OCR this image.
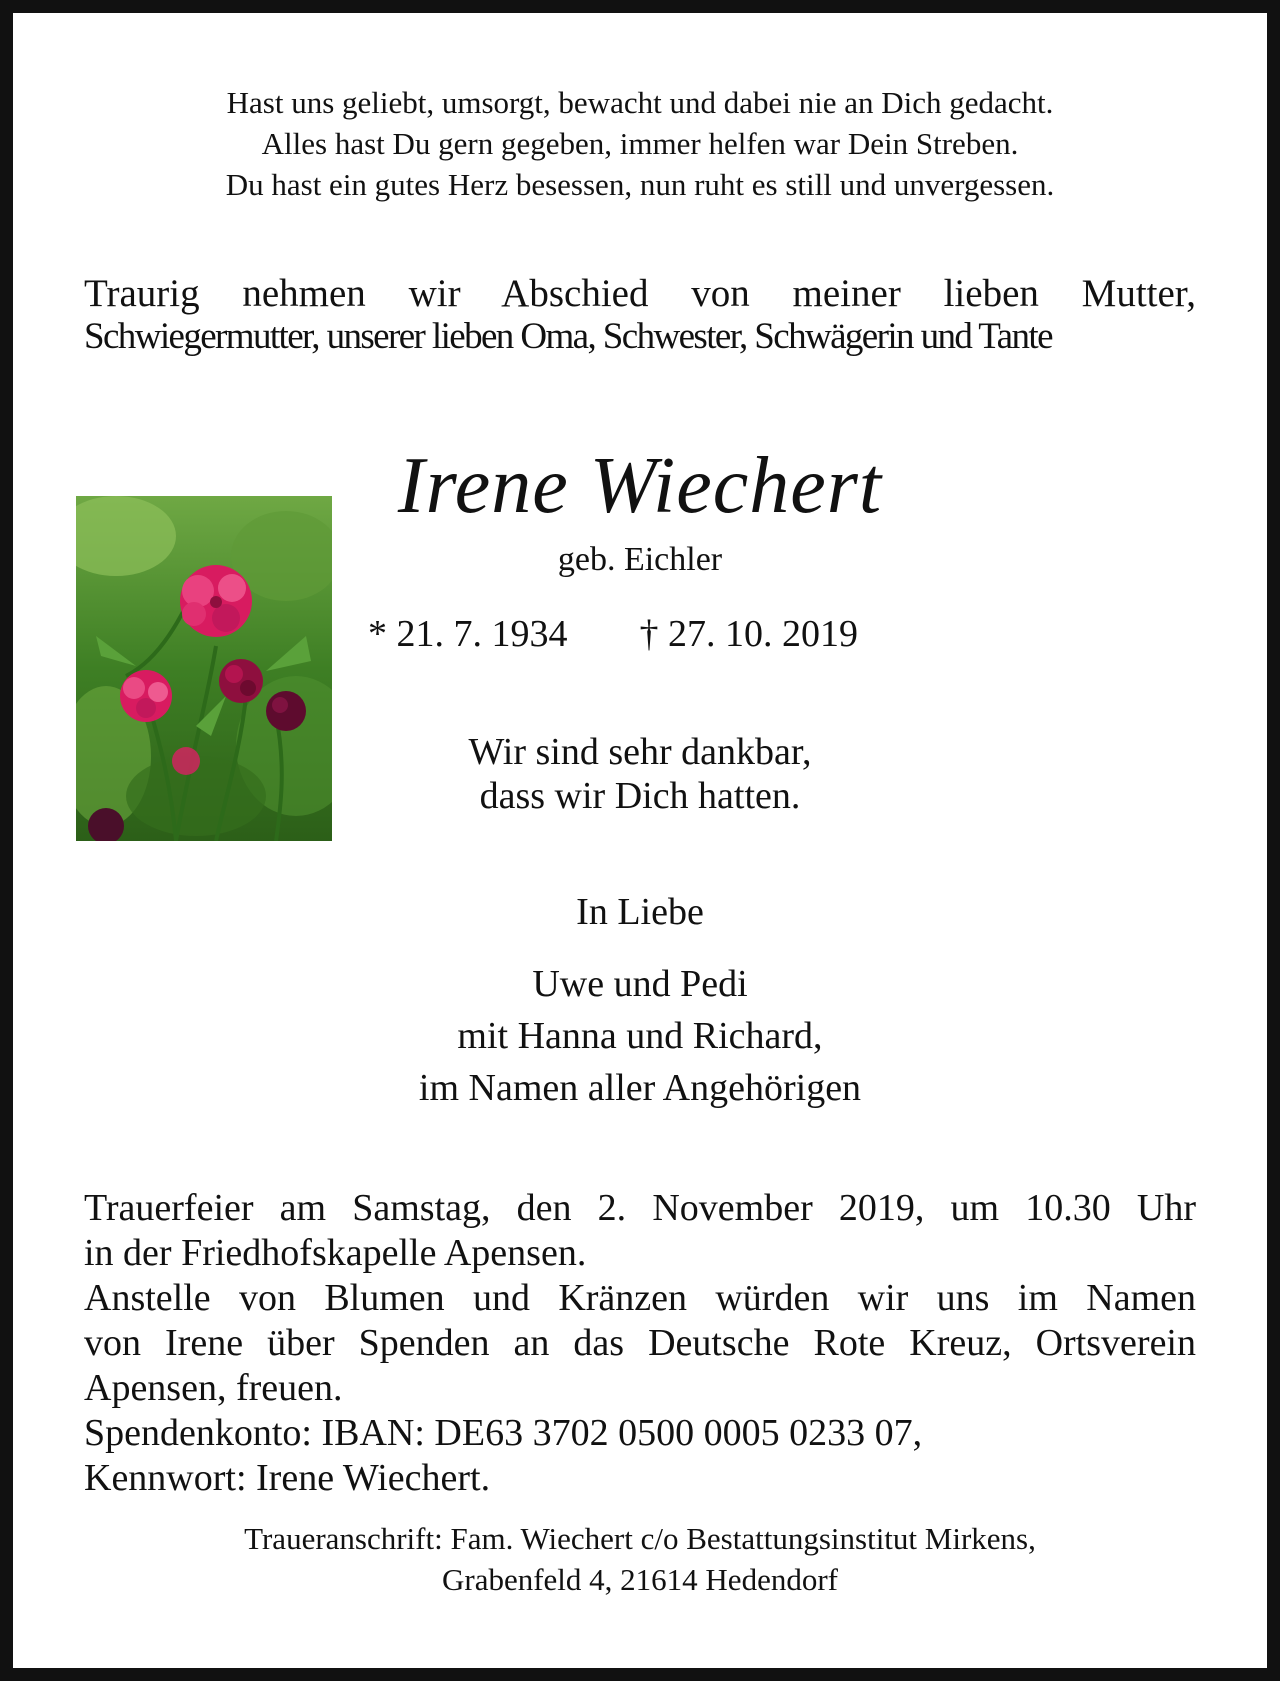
Hast uns geliebt, umsorgt, bewacht und dabei nie an Dich gedacht.
Alles hast Du gern gegeben, immer helfen war Dein Streben.
Du hast ein gutes Herz besessen, nun ruht es still und unvergessen.
Traurig nehmen wir Abschied von meiner lieben Mutter,
Schwiegermutter, unserer lieben Oma, Schwester, Schwägerin und Tante
Irene Wiechert
geb. Eichler
* 21. 7. 1934 † 27. 10. 2019
Wir sind sehr dankbar,
dass wir Dich hatten.
In Liebe
Uwe und Pedi
mit Hanna und Richard,
im Namen aller Angehörigen
Trauerfeier am Samstag, den 2. November 2019, um 10.30 Uhr
in der Friedhofskapelle Apensen.
Anstelle von Blumen und Kränzen würden wir uns im Namen
von Irene über Spenden an das Deutsche Rote Kreuz, Ortsverein
Apensen, freuen.
Spendenkonto: IBAN: DE63 3702 0500 0005 0233 07,
Kennwort: Irene Wiechert.
Traueranschrift: Fam. Wiechert c/o Bestattungsinstitut Mirkens,
Grabenfeld 4, 21614 Hedendorf
